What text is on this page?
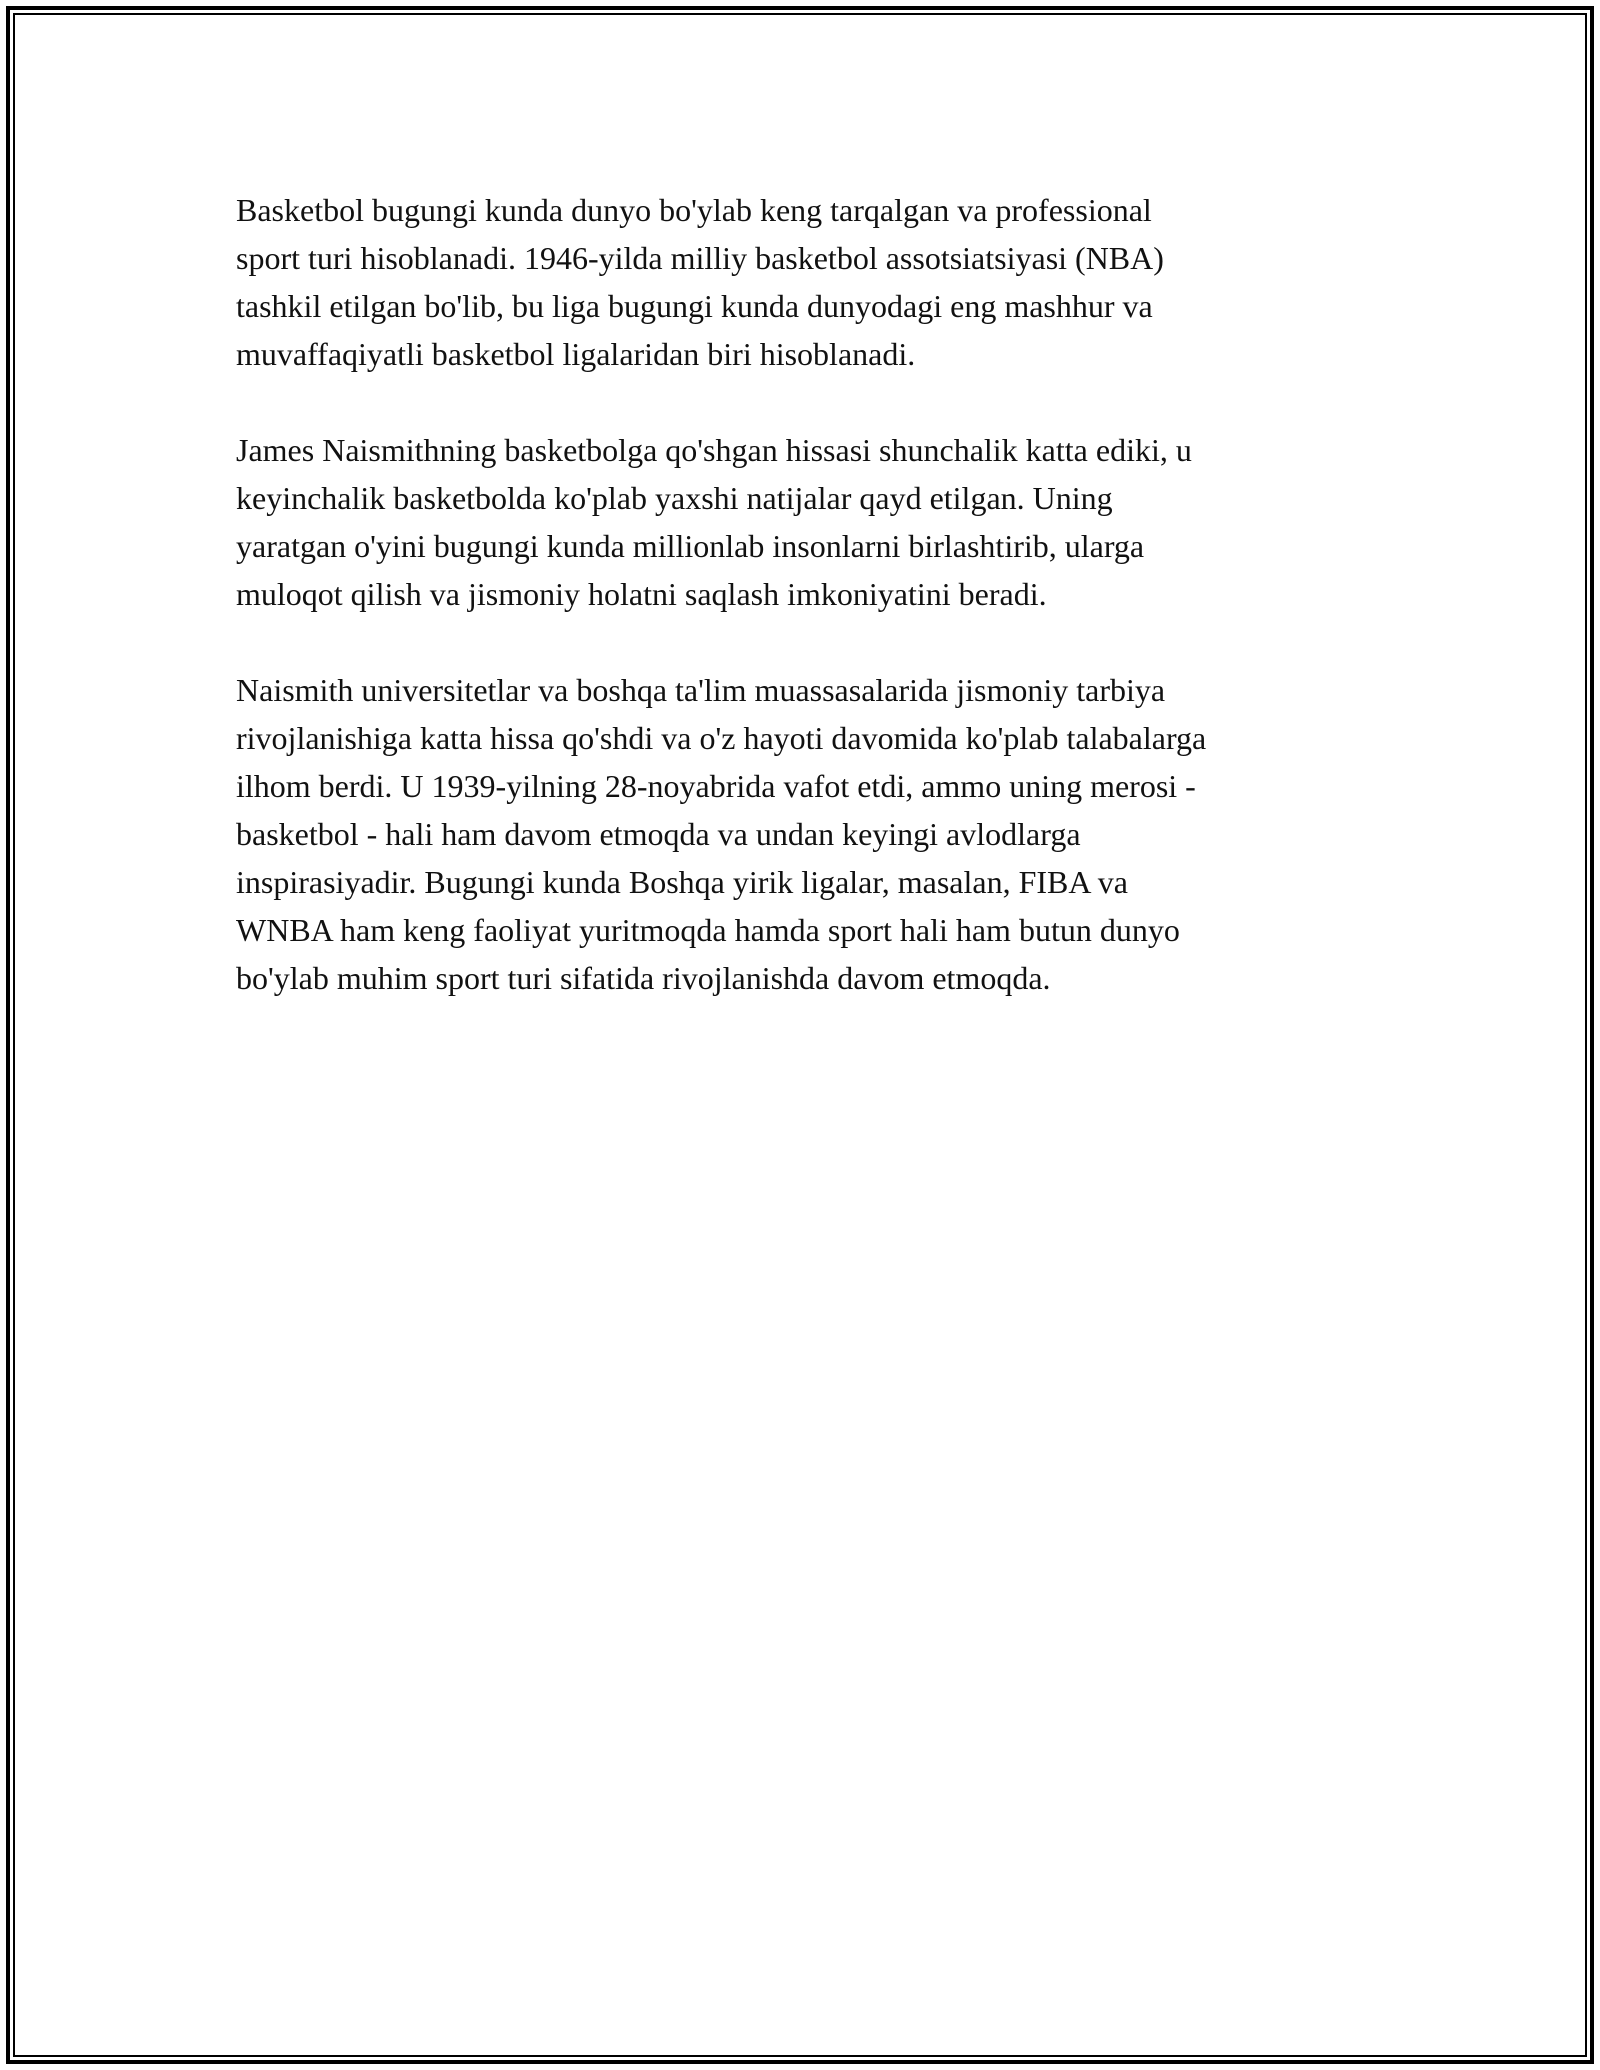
Basketbol bugungi kunda dunyo bo'ylab keng tarqalgan va professional
sport turi hisoblanadi. 1946-yilda milliy basketbol assotsiatsiyasi (NBA)
tashkil etilgan bo'lib, bu liga bugungi kunda dunyodagi eng mashhur va
muvaffaqiyatli basketbol ligalaridan biri hisoblanadi.

James Naismithning basketbolga qo'shgan hissasi shunchalik katta ediki, u
keyinchalik basketbolda ko'plab yaxshi natijalar qayd etilgan. Uning
yaratgan o'yini bugungi kunda millionlab insonlarni birlashtirib, ularga
muloqot qilish va jismoniy holatni saqlash imkoniyatini beradi.

Naismith universitetlar va boshqa ta'lim muassasalarida jismoniy tarbiya
rivojlanishiga katta hissa qo'shdi va o'z hayoti davomida ko'plab talabalarga
ilhom berdi. U 1939-yilning 28-noyabrida vafot etdi, ammo uning merosi -
basketbol - hali ham davom etmoqda va undan keyingi avlodlarga
inspirasiyadir. Bugungi kunda Boshqa yirik ligalar, masalan, FIBA va
WNBA ham keng faoliyat yuritmoqda hamda sport hali ham butun dunyo
bo'ylab muhim sport turi sifatida rivojlanishda davom etmoqda.
